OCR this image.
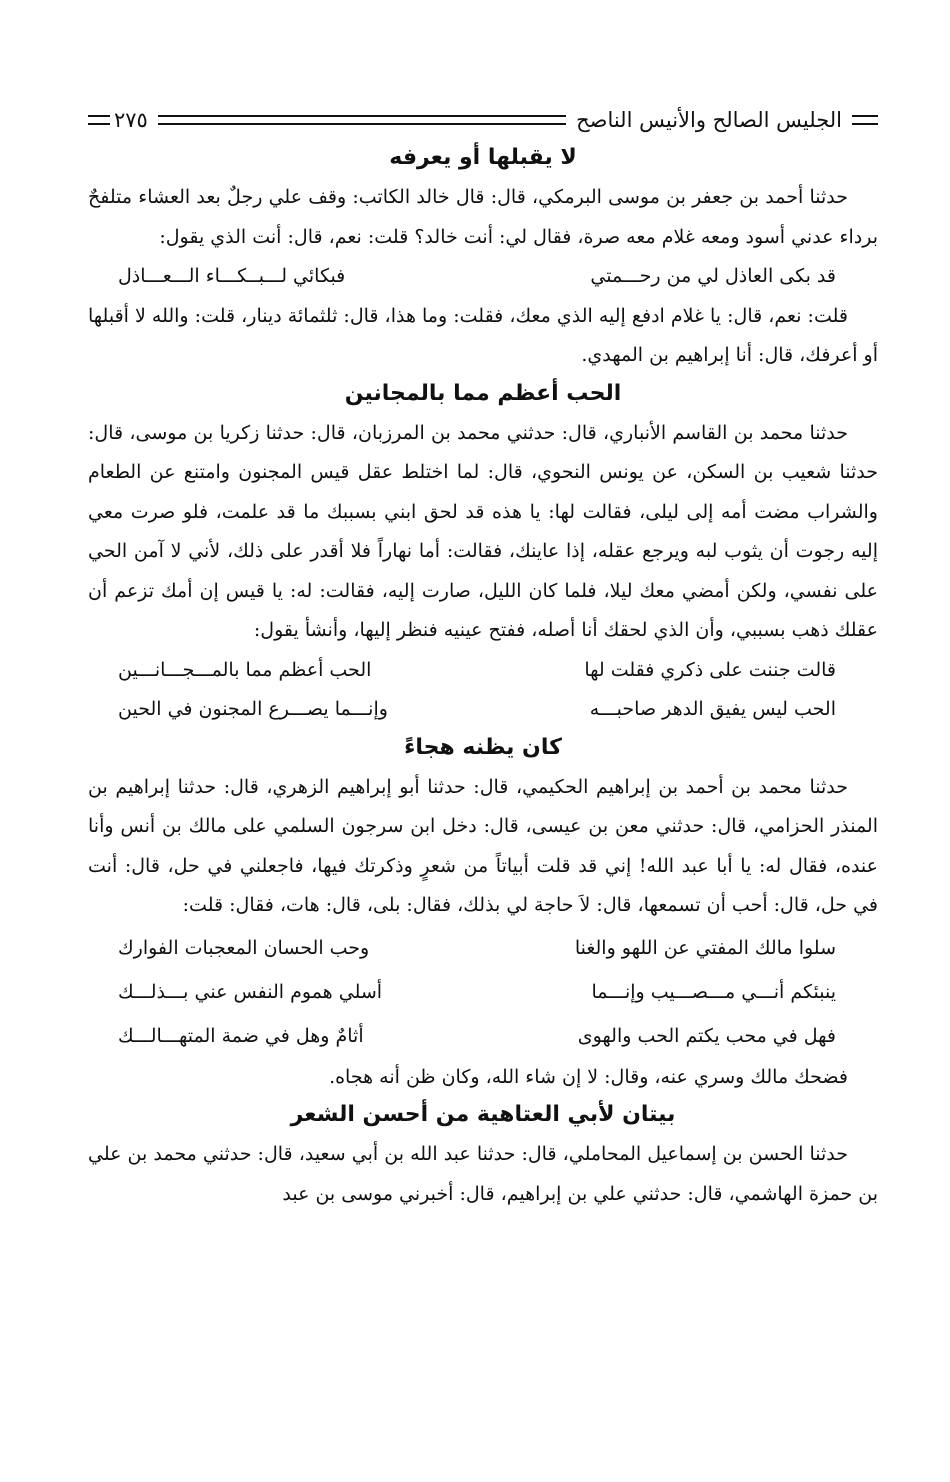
الجليس الصالح والأنيس الناصح
٢٧٥
لا يقبلها أو يعرفه

حدثنا أحمد بن جعفر بن موسى البرمكي، قال: قال خالد الكاتب: وقف علي رجلٌ بعد العشاء متلفحٌ برداء عدني أسود ومعه غلام معه صرة، فقال لي: أنت خالد؟ قلت: نعم، قال: أنت الذي يقول:

قد بكى العاذل لي من رحـــمتي
فبكائي لـــبــكـــاء الـــعـــاذل

قلت: نعم، قال: يا غلام ادفع إليه الذي معك، فقلت: وما هذا، قال: ثلثمائة دينار، قلت: والله لا أقبلها أو أعرفك، قال: أنا إبراهيم بن المهدي.

الحب أعظم مما بالمجانين

حدثنا محمد بن القاسم الأنباري، قال: حدثني محمد بن المرزبان، قال: حدثنا زكريا بن موسى، قال: حدثنا شعيب بن السكن، عن يونس النحوي، قال: لما اختلط عقل قيس المجنون وامتنع عن الطعام والشراب مضت أمه إلى ليلى، فقالت لها: يا هذه قد لحق ابني بسببك ما قد علمت، فلو صرت معي إليه رجوت أن يثوب لبه ويرجع عقله، إذا عاينك، فقالت: أما نهاراً فلا أقدر على ذلك، لأني لا آمن الحي على نفسي، ولكن أمضي معك ليلا، فلما كان الليل، صارت إليه، فقالت: له: يا قيس إن أمك تزعم أن عقلك ذهب بسببي، وأن الذي لحقك أنا أصله، ففتح عينيه فنظر إليها، وأنشأ يقول:

قالت جننت على ذكري فقلت لها
الحب أعظم مما بالمـــجـــانـــين
الحب ليس يفيق الدهر صاحبـــه
وإنـــما يصـــرع المجنون في الحين
كان يظنه هجاءً

حدثنا محمد بن أحمد بن إبراهيم الحكيمي، قال: حدثنا أبو إبراهيم الزهري، قال: حدثنا إبراهيم بن المنذر الحزامي، قال: حدثني معن بن عيسى، قال: دخل ابن سرجون السلمي على مالك بن أنس وأنا عنده، فقال له: يا أبا عبد الله! إني قد قلت أبياتاً من شعرٍ وذكرتك فيها، فاجعلني في حل، قال: أنت في حل، قال: أحب أن تسمعها، قال: لاَ حاجة لي بذلك، فقال: بلى، قال: هات، فقال: قلت:

سلوا مالك المفتي عن اللهو والغنا
وحب الحسان المعجبات الفوارك
ينبئكم أنـــي مـــصـــيب وإنـــما
أسلي هموم النفس عني بـــذلـــك
فهل في محب يكتم الحب والهوى
أثامٌ وهل في ضمة المتهـــالـــك

فضحك مالك وسري عنه، وقال: لا إن شاء الله، وكان ظن أنه هجاه.

بيتان لأبي العتاهية من أحسن الشعر

حدثنا الحسن بن إسماعيل المحاملي، قال: حدثنا عبد الله بن أبي سعيد، قال: حدثني محمد بن علي بن حمزة الهاشمي، قال: حدثني علي بن إبراهيم، قال: أخبرني موسى بن عبد
